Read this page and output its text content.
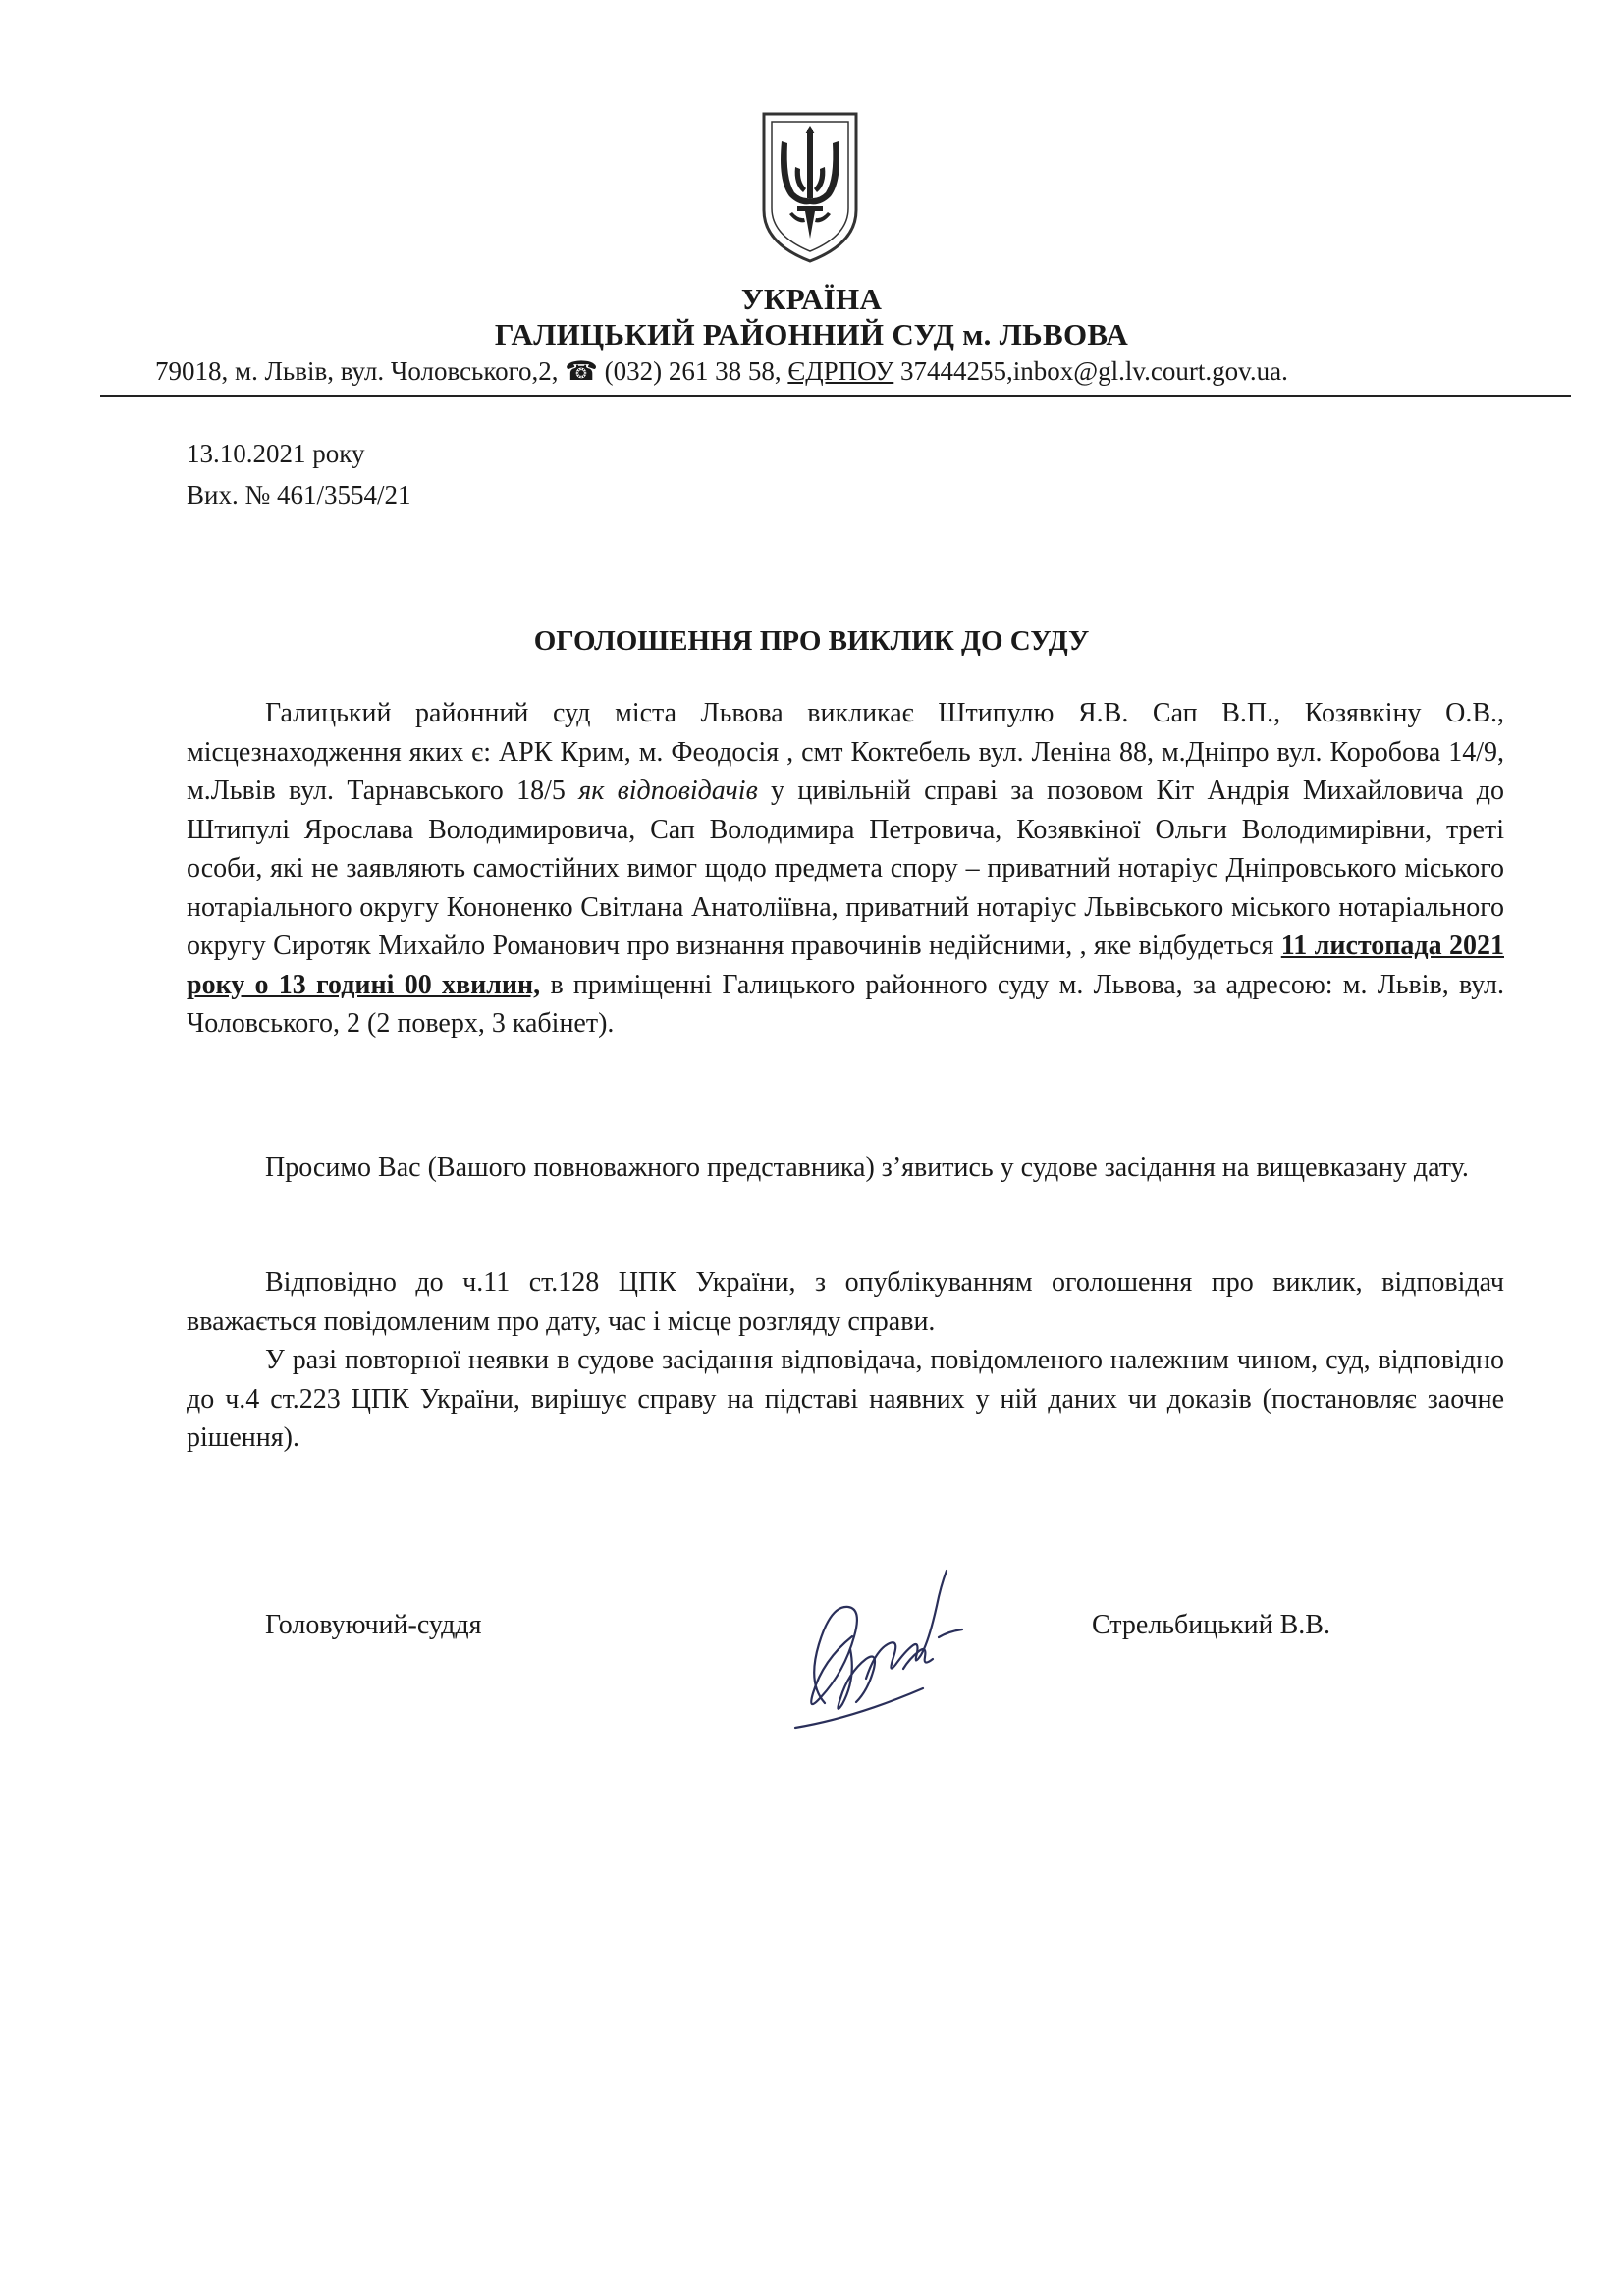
УКРАЇНА
ГАЛИЦЬКИЙ РАЙОННИЙ СУД м. ЛЬВОВА
79018, м. Львів, вул. Чоловського,2, ☎ (032) 261 38 58, ЄДРПОУ 37444255,inbox@gl.lv.court.gov.ua.
13.10.2021 року
Вих. № 461/3554/21
ОГОЛОШЕННЯ ПРО ВИКЛИК ДО СУДУ
Галицький районний суд міста Львова викликає Штипулю Я.В. Сап В.П., Козявкіну О.В., місцезнаходження яких є: АРК Крим, м. Феодосія , смт Коктебель вул. Леніна 88, м.Дніпро вул. Коробова 14/9, м.Львів вул. Тарнавського 18/5 як відповідачів у цивільній справі за позовом Кіт Андрія Михайловича до Штипулі Ярослава Володимировича, Сап Володимира Петровича, Козявкіної Ольги Володимирівни, треті особи, які не заявляють самостійних вимог щодо предмета спору – приватний нотаріус Дніпровського міського нотаріального округу Кононенко Світлана Анатоліївна, приватний нотаріус Львівського міського нотаріального округу Сиротяк Михайло Романович про визнання правочинів недійсними, , яке відбудеться 11 листопада 2021 року о 13 годині 00 хвилин, в приміщенні Галицького районного суду м. Львова, за адресою: м. Львів, вул. Чоловського, 2 (2 поверх, 3 кабінет).
Просимо Вас (Вашого повноважного представника) з’явитись у судове засідання на вищевказану дату.
Відповідно до ч.11 ст.128 ЦПК України, з опублікуванням оголошення про виклик, відповідач вважається повідомленим про дату, час і місце розгляду справи.
У разі повторної неявки в судове засідання відповідача, повідомленого належним чином, суд, відповідно до ч.4 ст.223 ЦПК України, вирішує справу на підставі наявних у ній даних чи доказів (постановляє заочне рішення).
Головуючий-суддя	Стрельбицький В.В.
